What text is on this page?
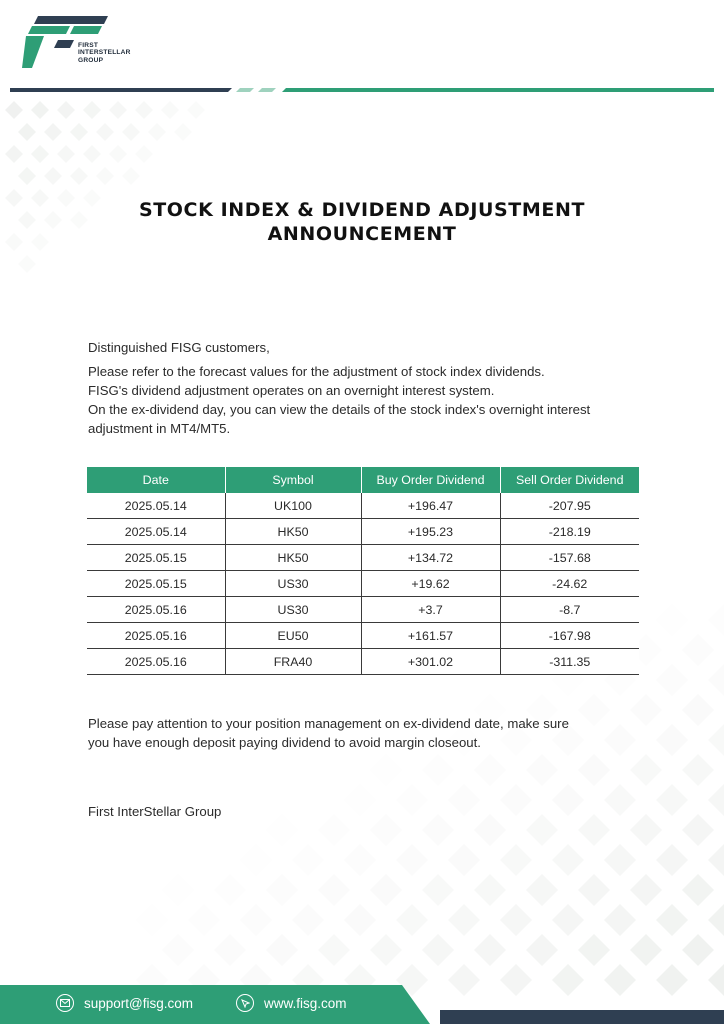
FIRST
INTERSTELLAR
GROUP
STOCK INDEX & DIVIDEND ADJUSTMENT
ANNOUNCEMENT
Distinguished FISG customers,
Please refer to the forecast values for the adjustment of stock index dividends.
FISG's dividend adjustment operates on an overnight interest system.
On the ex-dividend day, you can view the details of the stock index's overnight interest
adjustment in MT4/MT5.
Date	Symbol	Buy Order Dividend	Sell Order Dividend
2025.05.14	UK100	+196.47	-207.95
2025.05.14	HK50	+195.23	-218.19
2025.05.15	HK50	+134.72	-157.68
2025.05.15	US30	+19.62	-24.62
2025.05.16	US30	+3.7	-8.7
2025.05.16	EU50	+161.57	-167.98
2025.05.16	FRA40	+301.02	-311.35
Please pay attention to your position management on ex-dividend date, make sure
you have enough deposit paying dividend to avoid margin closeout.
First InterStellar Group
support@fisg.com	www.fisg.com
